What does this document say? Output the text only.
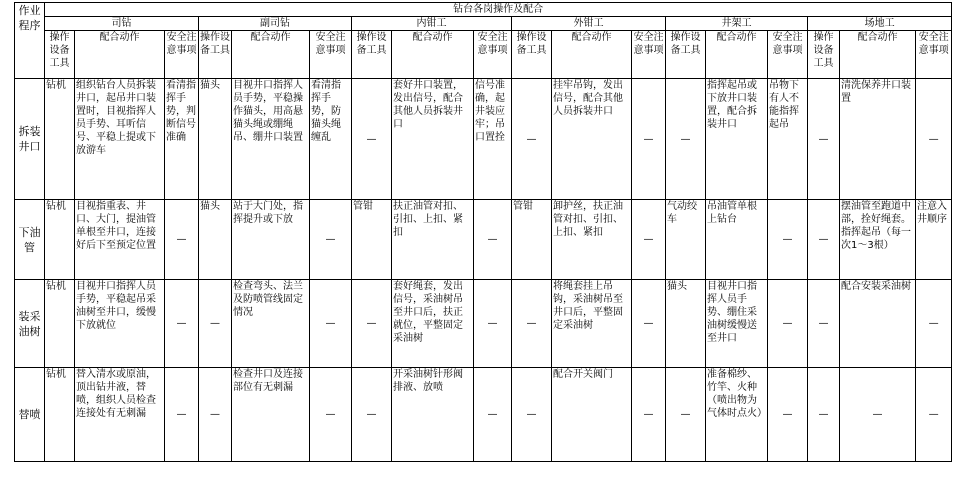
作业程序	钻台各岗操作及配合																	
	司钻			副司钻			内钳工			外钳工			井架工			场地工		
	操作设备工具	配合动作	安全注意事项	操作设备工具	配合动作	安全注意事项	操作设备工具	配合动作	安全注意事项	操作设备工具	配合动作	安全注意事项	操作设备工具	配合动作	安全注意事项	操作设备工具	配合动作	安全注意事项
拆装井口	钻机	组织钻台人员拆装井口，起吊井口装置时，目视指挥人员手势、耳听信号、平稳上提或下放游车	看清指挥手势，判断信号准确	猫头	目视井口指挥人员手势，平稳操作猫头，用高悬猫头绳或绷绳吊、绷井口装置	看清指挥手势，防猫头绳缠乱	—	套好井口装置，发出信号，配合其他人员拆装井口	信号准确，起井装应牢；吊口置拴	—	挂牢吊钩，发出信号，配合其他人员拆装井口	—	—	指挥起吊或下放井口装置，配合拆装井口	吊物下有人不能指挥起吊	—	清洗保养井口装置	—
下油管	钻机	目视指重表、井口、大门，提油管单根至井口，连接好后下至预定位置	—	猫头	站于大门处，指挥提升或下放	—	管钳	扶正油管对扣、引扣、上扣、紧扣	—	管钳	卸护丝，扶正油管对扣、引扣、上扣、紧扣	—	气动绞车	吊油管单根上钻台	—	—	摆油管至跑道中部，拴好绳套。指挥起吊（每一次1～3根）	注意入井顺序
装采油树	钻机	目视井口指挥人员手势，平稳起吊采油树至井口，缓慢下放就位	—	—	检查弯头、法兰及防喷管线固定情况	—	—	套好绳套，发出信号，采油树吊至井口后，扶正就位，平整固定采油树	—	—	将绳套挂上吊钩，采油树吊至井口后，平整固定采油树	—	猫头	目视井口指挥人员手势、绷住采油树缓慢送至井口	—	—	配合安装采油树	—
替喷	钻机	替入清水或原油，顶出钻井液，替喷，组织人员检查连接处有无刺漏	—	—	检查井口及连接部位有无刺漏	—	—	开采油树针形阀排液、放喷	—	—	配合开关阀门	—	—	准备棉纱、竹竿、火种（喷出物为气体时点火）	—	—	—	—
